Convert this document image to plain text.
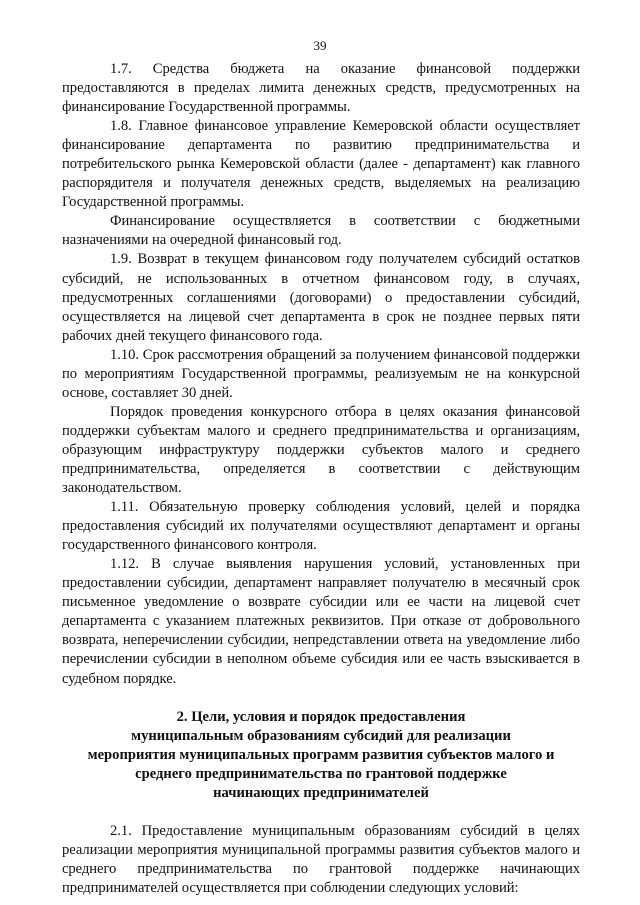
39

1.7. Средства бюджета на оказание финансовой поддержки предоставляются в пределах лимита денежных средств, предусмотренных на финансирование Государственной программы.

1.8. Главное финансовое управление Кемеровской области осуществляет финансирование департамента по развитию предпринимательства и потребительского рынка Кемеровской области (далее - департамент) как главного распорядителя и получателя денежных средств, выделяемых на реализацию Государственной программы.

Финансирование осуществляется в соответствии с бюджетными назначениями на очередной финансовый год.

1.9. Возврат в текущем финансовом году получателем субсидий остатков субсидий, не использованных в отчетном финансовом году, в случаях, предусмотренных соглашениями (договорами) о предоставлении субсидий, осуществляется на лицевой счет департамента в срок не позднее первых пяти рабочих дней текущего финансового года.

1.10. Срок рассмотрения обращений за получением финансовой поддержки по мероприятиям Государственной программы, реализуемым не на конкурсной основе, составляет 30 дней.

Порядок проведения конкурсного отбора в целях оказания финансовой поддержки субъектам малого и среднего предпринимательства и организациям, образующим инфраструктуру поддержки субъектов малого и среднего предпринимательства, определяется в соответствии с действующим законодательством.

1.11. Обязательную проверку соблюдения условий, целей и порядка предоставления субсидий их получателями осуществляют департамент и органы государственного финансового контроля.

1.12. В случае выявления нарушения условий, установленных при предоставлении субсидии, департамент направляет получателю в месячный срок письменное уведомление о возврате субсидии или ее части на лицевой счет департамента с указанием платежных реквизитов. При отказе от добровольного возврата, неперечислении субсидии, непредставлении ответа на уведомление либо перечислении субсидии в неполном объеме субсидия или ее часть взыскивается в судебном порядке.

2. Цели, условия и порядок предоставления

муниципальным образованиям субсидий для реализации

мероприятия муниципальных программ развития субъектов малого и

среднего предпринимательства по грантовой поддержке

начинающих предпринимателей

2.1. Предоставление муниципальным образованиям субсидий в целях реализации мероприятия муниципальной программы развития субъектов малого и среднего предпринимательства по грантовой поддержке начинающих предпринимателей осуществляется при соблюдении следующих условий:
